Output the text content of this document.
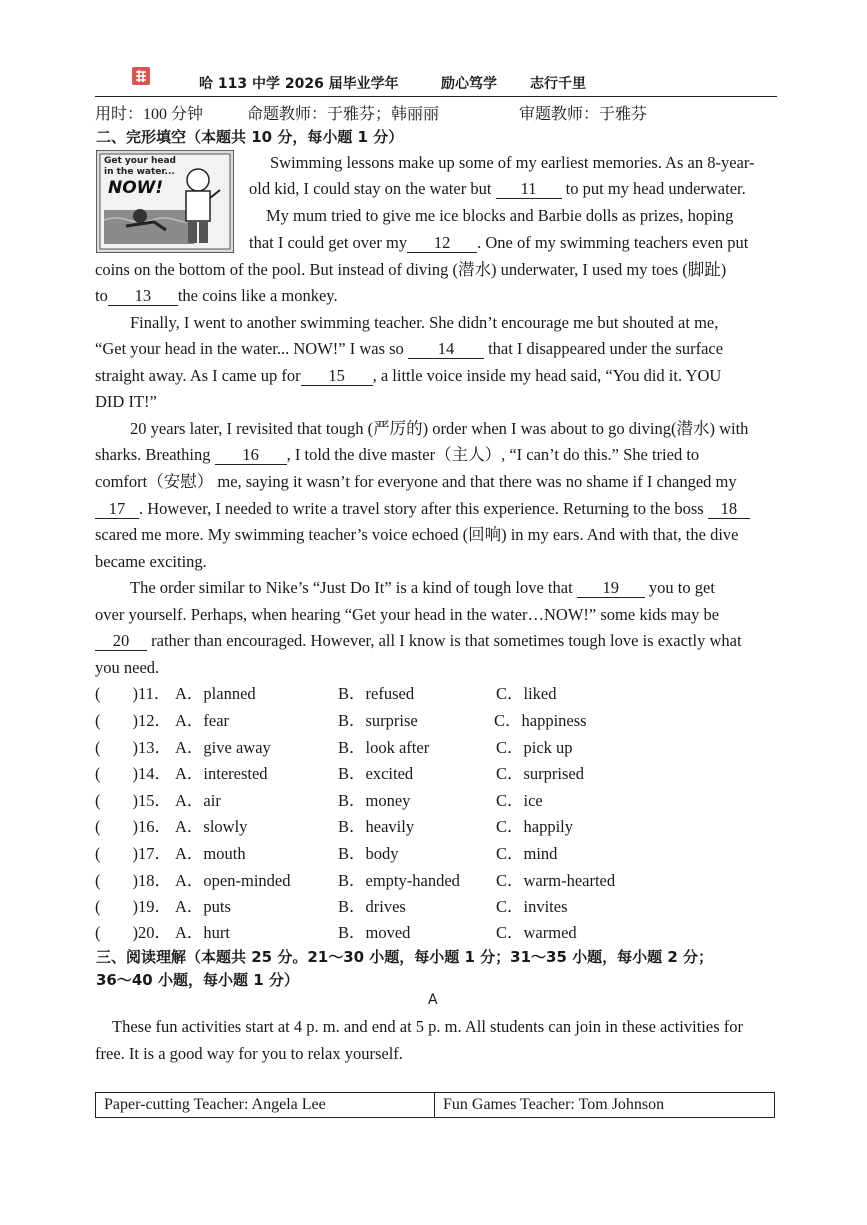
哈 113 中学 2026 届毕业学年	励心笃学 志行千里
用时：100 分钟	命题教师：于雅芬；韩丽丽	审题教师：于雅芬
二、完形填空（本题共 10 分，每小题 1 分）
Get your head
in the water...
NOW!
Swimming lessons make up some of my earliest memories. As an 8-year-
old kid, I could stay on the water but 11 to put my head underwater.
My mum tried to give me ice blocks and Barbie dolls as prizes, hoping
that I could get over my 12 . One of my swimming teachers even put
coins on the bottom of the pool. But instead of diving (潜水) underwater, I used my toes (脚趾)
to 13 the coins like a monkey.
Finally, I went to another swimming teacher. She didn’t encourage me but shouted at me,
“Get your head in the water... NOW!” I was so 14 that I disappeared under the surface
straight away. As I came up for 15 , a little voice inside my head said, “You did it. YOU
DID IT!”
20 years later, I revisited that tough (严厉的) order when I was about to go diving(潜水) with
sharks. Breathing 16 , I told the dive master（主人）, “I can’t do this.” She tried to
comfort（安慰） me, saying it wasn’t for everyone and that there was no shame if I changed my
17 . However, I needed to write a travel story after this experience. Returning to the boss 18
scared me more. My swimming teacher’s voice echoed (回响) in my ears. And with that, the dive
became exciting.
The order similar to Nike’s “Just Do It” is a kind of tough love that 19 you to get
over yourself. Perhaps, when hearing “Get your head in the water…NOW!” some kids may be
20 rather than encouraged. However, all I know is that sometimes tough love is exactly what
you need.
( )11． A．planned	B．refused	C．liked
( )12． A．fear	B．surprise	C．happiness
( )13． A．give away	B．look after	C．pick up
( )14． A．interested	B．excited	C．surprised
( )15． A．air	B．money	C．ice
( )16． A．slowly	B．heavily	C．happily
( )17． A．mouth	B．body	C．mind
( )18． A．open-minded	B．empty-handed C．warm-hearted
( )19． A．puts	B．drives	C．invites
( )20． A．hurt	B．moved	C．warmed
三、阅读理解（本题共 25 分。21～30 小题，每小题 1 分；31～35 小题，每小题 2 分；
36～40 小题，每小题 1 分）
A
These fun activities start at 4 p. m. and end at 5 p. m. All students can join in these activities for
free. It is a good way for you to relax yourself.
Paper-cutting Teacher: Angela Lee	Fun Games Teacher: Tom Johnson
